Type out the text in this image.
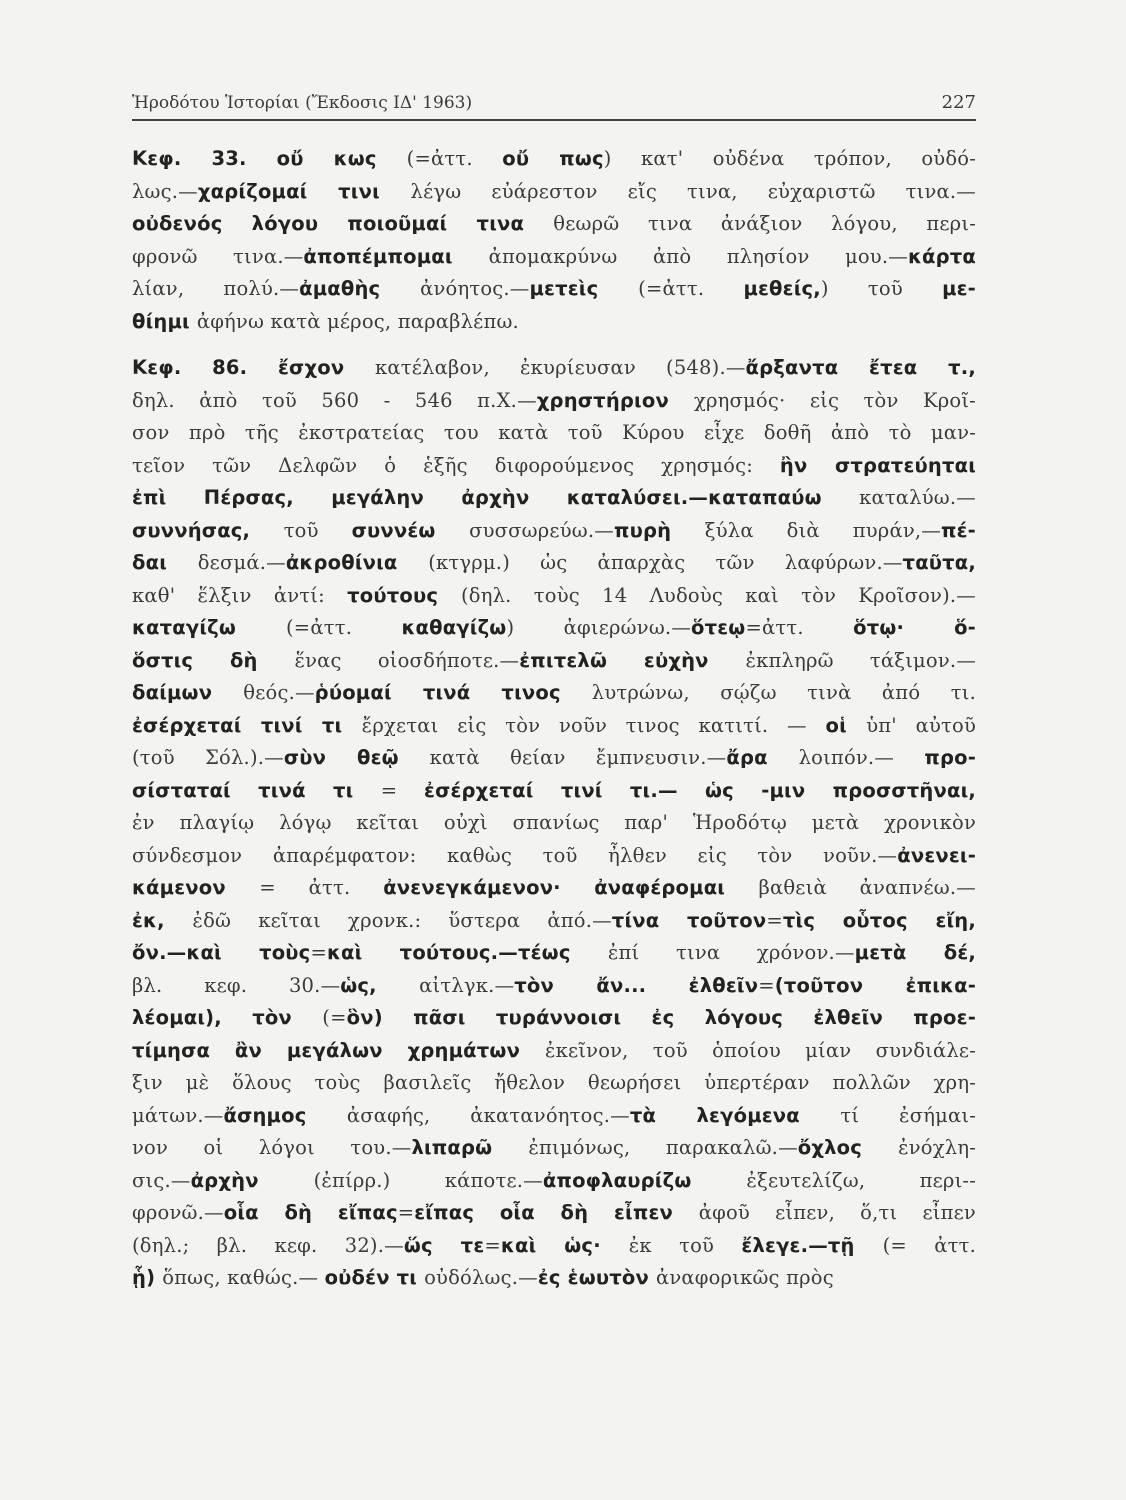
Ἡροδότου Ἱστορίαι (Ἔκδοσις ΙΔ' 1963)	227
Κεφ. 33. οὔ κως (=ἀττ. οὔ πως) κατ' οὐδένα τρόπον, οὐδό-
λως.—χαρίζομαί τινι λέγω εὐάρεστον εἴς τινα, εὐχαριστῶ τινα.—
οὐδενός λόγου ποιοῦμαί τινα θεωρῶ τινα ἀνάξιον λόγου, περι-
φρονῶ τινα.—ἀποπέμπομαι ἀπομακρύνω ἀπὸ πλησίον μου.—κάρτα
λίαν, πολύ.—ἀμαθὴς ἀνόητος.—μετεὶς (=ἀττ. μεθείς,) τοῦ με-
θίημι ἀφήνω κατὰ μέρος, παραβλέπω.
Κεφ. 86. ἔσχον κατέλαβον, ἐκυρίευσαν (548).—ἄρξαντα ἔτεα τ.,
δηλ. ἀπὸ τοῦ 560 - 546 π.Χ.—χρηστήριον χρησμός· εἰς τὸν Κροῖ-
σον πρὸ τῆς ἐκστρατείας του κατὰ τοῦ Κύρου εἶχε δοθῆ ἀπὸ τὸ μαν-
τεῖον τῶν Δελφῶν ὁ ἑξῆς διφορούμενος χρησμός: ἢν στρατεύηται
ἐπὶ Πέρσας, μεγάλην ἀρχὴν καταλύσει.—καταπαύω καταλύω.—
συννήσας, τοῦ συννέω συσσωρεύω.—πυρὴ ξύλα διὰ πυράν,—πέ-
δαι δεσμά.—ἀκροθίνια (κτγρμ.) ὡς ἀπαρχὰς τῶν λαφύρων.—ταῦτα,
καθ' ἕλξιν ἀντί: τούτους (δηλ. τοὺς 14 Λυδοὺς καὶ τὸν Κροῖσον).—
καταγίζω (=ἀττ. καθαγίζω) ἀφιερώνω.—ὅτεῳ=ἀττ. ὅτῳ· ὅ-
ὅστις δὴ ἕνας οἱοσδήποτε.—ἐπιτελῶ εὐχὴν ἐκπληρῶ τάξιμον.—
δαίμων θεός.—ῥύομαί τινά τινος λυτρώνω, σῴζω τινὰ ἀπό τι.
ἐσέρχεταί τινί τι ἔρχεται εἰς τὸν νοῦν τινος κατιτί. — οἱ ὑπ' αὐτοῦ
(τοῦ Σόλ.).—σὺν θεῷ κατὰ θείαν ἔμπνευσιν.—ἄρα λοιπόν.— προ-
σίσταταί τινά τι = ἐσέρχεταί τινί τι.— ὡς -μιν προσστῆναι,
ἐν πλαγίῳ λόγῳ κεῖται οὐχὶ σπανίως παρ' Ἡροδότῳ μετὰ χρονικὸν
σύνδεσμον ἀπαρέμφατον: καθὼς τοῦ ἦλθεν εἰς τὸν νοῦν.—ἀνενει-
κάμενον = ἀττ. ἀνενεγκάμενον· ἀναφέρομαι βαθειὰ ἀναπνέω.—
ἐκ, ἐδῶ κεῖται χρονκ.: ὕστερα ἀπό.—τίνα τοῦτον=τὶς οὗτος εἴη,
ὄν.—καὶ τοὺς=καὶ τούτους.—τέως ἐπί τινα χρόνον.—μετὰ δέ,
βλ. κεφ. 30.—ὡς, αἰτλγκ.—τὸν ἄν... ἐλθεῖν=(τοῦτον ἐπικα-
λέομαι), τὸν (=ὃν) πᾶσι τυράννοισι ἐς λόγους ἐλθεῖν προε-
τίμησα ἂν μεγάλων χρημάτων ἐκεῖνον, τοῦ ὁποίου μίαν συνδιάλε-
ξιν μὲ ὅλους τοὺς βασιλεῖς ἤθελον θεωρήσει ὑπερτέραν πολλῶν χρη-
μάτων.—ἄσημος ἀσαφής, ἀκατανόητος.—τὰ λεγόμενα τί ἐσήμαι-
νον οἱ λόγοι του.—λιπαρῶ ἐπιμόνως, παρακαλῶ.—ὄχλος ἐνόχλη-
σις.—ἀρχὴν (ἐπίρρ.) κάποτε.—ἀποφλαυρίζω ἐξευτελίζω, περι--
φρονῶ.—οἷα δὴ εἴπας=εἴπας οἷα δὴ εἶπεν ἀφοῦ εἶπεν, ὅ,τι εἶπεν
(δηλ.; βλ. κεφ. 32).—ὥς τε=καὶ ὡς· ἐκ τοῦ ἔλεγε.—τῇ (= ἀττ.
ᾗ) ὅπως, καθώς.— οὐδέν τι οὐδόλως.—ἐς ἑωυτὸν ἀναφορικῶς πρὸς
